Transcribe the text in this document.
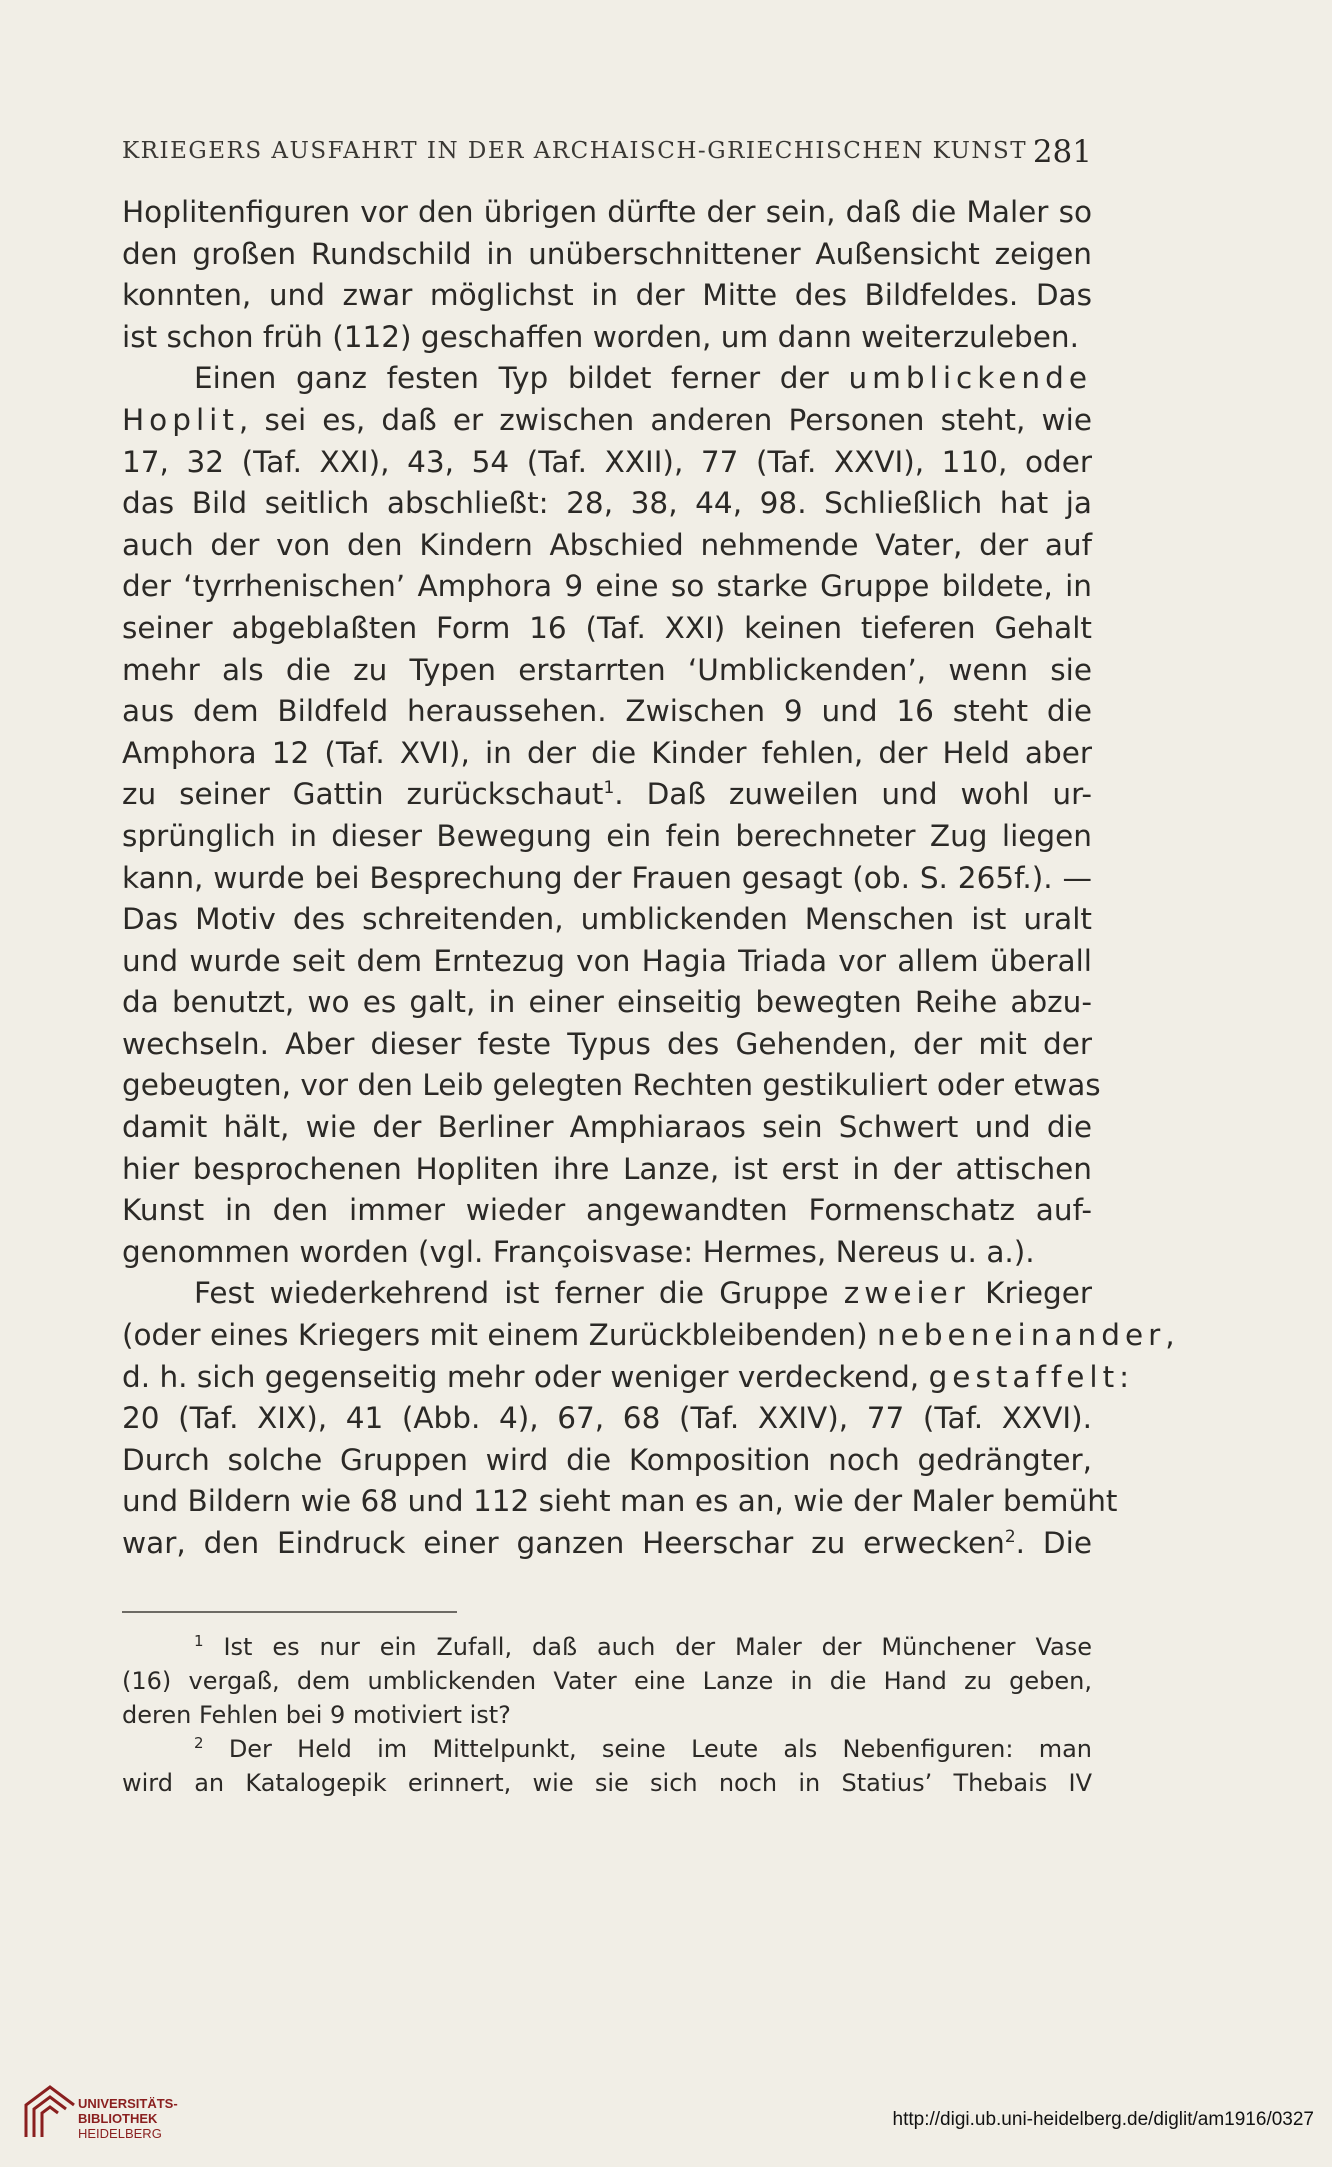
KRIEGERS AUSFAHRT IN DER ARCHAISCH-GRIECHISCHEN KUNST 281
Hoplitenfiguren vor den übrigen dürfte der sein, daß die Maler so
den großen Rundschild in unüberschnittener Außensicht zeigen
konnten, und zwar möglichst in der Mitte des Bildfeldes. Das
ist schon früh (112) geschaffen worden, um dann weiterzuleben.
Einen ganz festen Typ bildet ferner der umblickende
Hoplit, sei es, daß er zwischen anderen Personen steht, wie
17, 32 (Taf. XXI), 43, 54 (Taf. XXII), 77 (Taf. XXVI), 110, oder
das Bild seitlich abschließt: 28, 38, 44, 98. Schließlich hat ja
auch der von den Kindern Abschied nehmende Vater, der auf
der ‘tyrrhenischen’ Amphora 9 eine so starke Gruppe bildete, in
seiner abgeblaßten Form 16 (Taf. XXI) keinen tieferen Gehalt
mehr als die zu Typen erstarrten ‘Umblickenden’, wenn sie
aus dem Bildfeld heraussehen. Zwischen 9 und 16 steht die
Amphora 12 (Taf. XVI), in der die Kinder fehlen, der Held aber
zu seiner Gattin zurückschaut$^1$. Daß zuweilen und wohl ur-
sprünglich in dieser Bewegung ein fein berechneter Zug liegen
kann, wurde bei Besprechung der Frauen gesagt (ob. S. 265f.). —
Das Motiv des schreitenden, umblickenden Menschen ist uralt
und wurde seit dem Erntezug von Hagia Triada vor allem überall
da benutzt, wo es galt, in einer einseitig bewegten Reihe abzu-
wechseln. Aber dieser feste Typus des Gehenden, der mit der
gebeugten, vor den Leib gelegten Rechten gestikuliert oder etwas
damit hält, wie der Berliner Amphiaraos sein Schwert und die
hier besprochenen Hopliten ihre Lanze, ist erst in der attischen
Kunst in den immer wieder angewandten Formenschatz auf-
genommen worden (vgl. Françoisvase: Hermes, Nereus u. a.).
Fest wiederkehrend ist ferner die Gruppe zweier Krieger
(oder eines Kriegers mit einem Zurückbleibenden) nebeneinander,
d. h. sich gegenseitig mehr oder weniger verdeckend, gestaffelt:
20 (Taf. XIX), 41 (Abb. 4), 67, 68 (Taf. XXIV), 77 (Taf. XXVI).
Durch solche Gruppen wird die Komposition noch gedrängter,
und Bildern wie 68 und 112 sieht man es an, wie der Maler bemüht
war, den Eindruck einer ganzen Heerschar zu erwecken$^2$. Die
$^1$ Ist es nur ein Zufall, daß auch der Maler der Münchener Vase
(16) vergaß, dem umblickenden Vater eine Lanze in die Hand zu geben,
deren Fehlen bei 9 motiviert ist?
$^2$ Der Held im Mittelpunkt, seine Leute als Nebenfiguren: man
wird an Katalogepik erinnert, wie sie sich noch in Statius’ Thebais IV
UNIVERSITÄTS-
BIBLIOTHEK
HEIDELBERG
http://digi.ub.uni-heidelberg.de/diglit/am1916/0327
